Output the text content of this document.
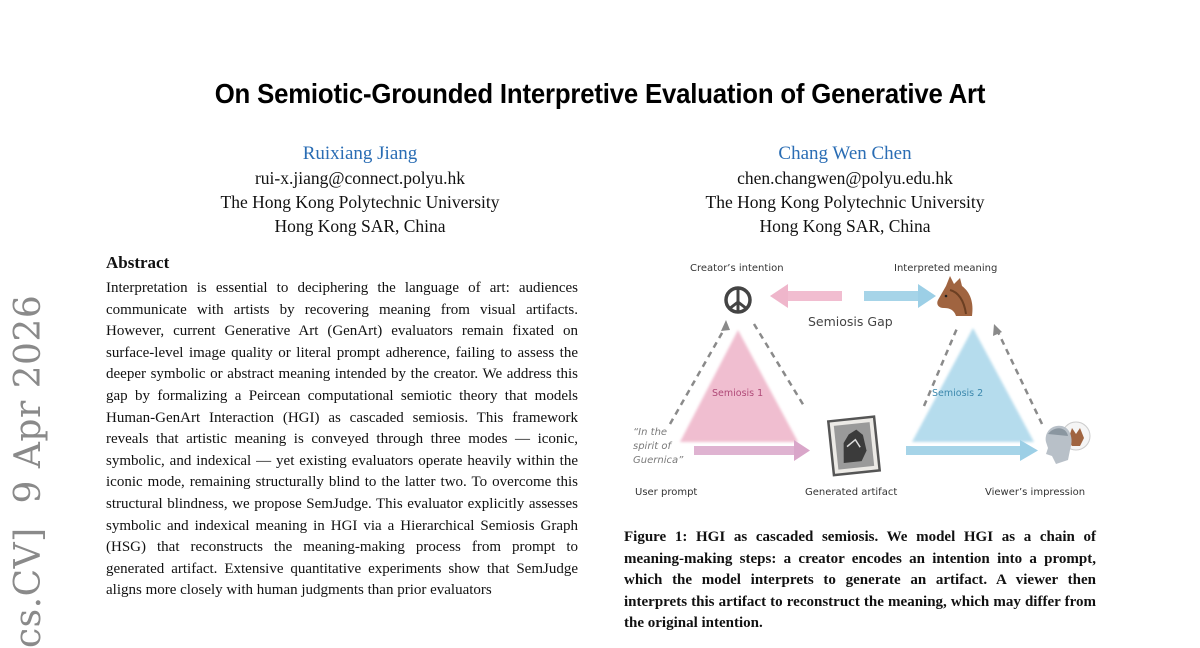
cs.CV]  9 Apr 2026
On Semiotic-Grounded Interpretive Evaluation of Generative Art
Ruixiang Jiang
rui-x.jiang@connect.polyu.hk
The Hong Kong Polytechnic University
Hong Kong SAR, China
Chang Wen Chen
chen.changwen@polyu.edu.hk
The Hong Kong Polytechnic University
Hong Kong SAR, China
Abstract

Interpretation is essential to deciphering the language of art: audiences communicate with artists by recovering meaning from visual artifacts. However, current Generative Art (GenArt) evaluators remain fixated on surface-level image quality or literal prompt adherence, failing to assess the deeper symbolic or abstract meaning intended by the creator. We address this gap by formalizing a Peircean computational semiotic theory that models Human-GenArt Interaction (HGI) as cascaded semiosis. This framework reveals that artistic meaning is conveyed through three modes — iconic, symbolic, and indexical — yet existing evaluators operate heavily within the iconic mode, remaining structurally blind to the latter two. To overcome this structural blindness, we propose SemJudge. This evaluator explicitly assesses symbolic and indexical meaning in HGI via a Hierarchical Semiosis Graph (HSG) that reconstructs the meaning-making process from prompt to generated artifact. Extensive quantitative experiments show that SemJudge aligns more closely with human judgments than prior evaluators

Creator’s intention	Interpreted meaning
Semiosis Gap
Semiosis 1	Semiosis 2
“In the spirit of Guernica”
User prompt	Generated artifact	Viewer’s impression
Figure 1: HGI as cascaded semiosis. We model HGI as a chain of meaning-making steps: a creator encodes an intention into a prompt, which the model interprets to generate an artifact. A viewer then interprets this artifact to reconstruct the meaning, which may differ from the original intention.
